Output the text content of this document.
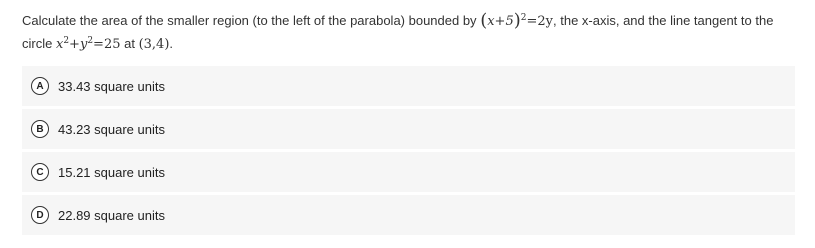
Calculate the area of the smaller region (to the left of the parabola) bounded by $(x+5)^2=2y$, the x-axis, and the line tangent to the circle $x^2+y^2=25$ at (3,4).
A	33.43 square units
B	43.23 square units
C	15.21 square units
D	22.89 square units
